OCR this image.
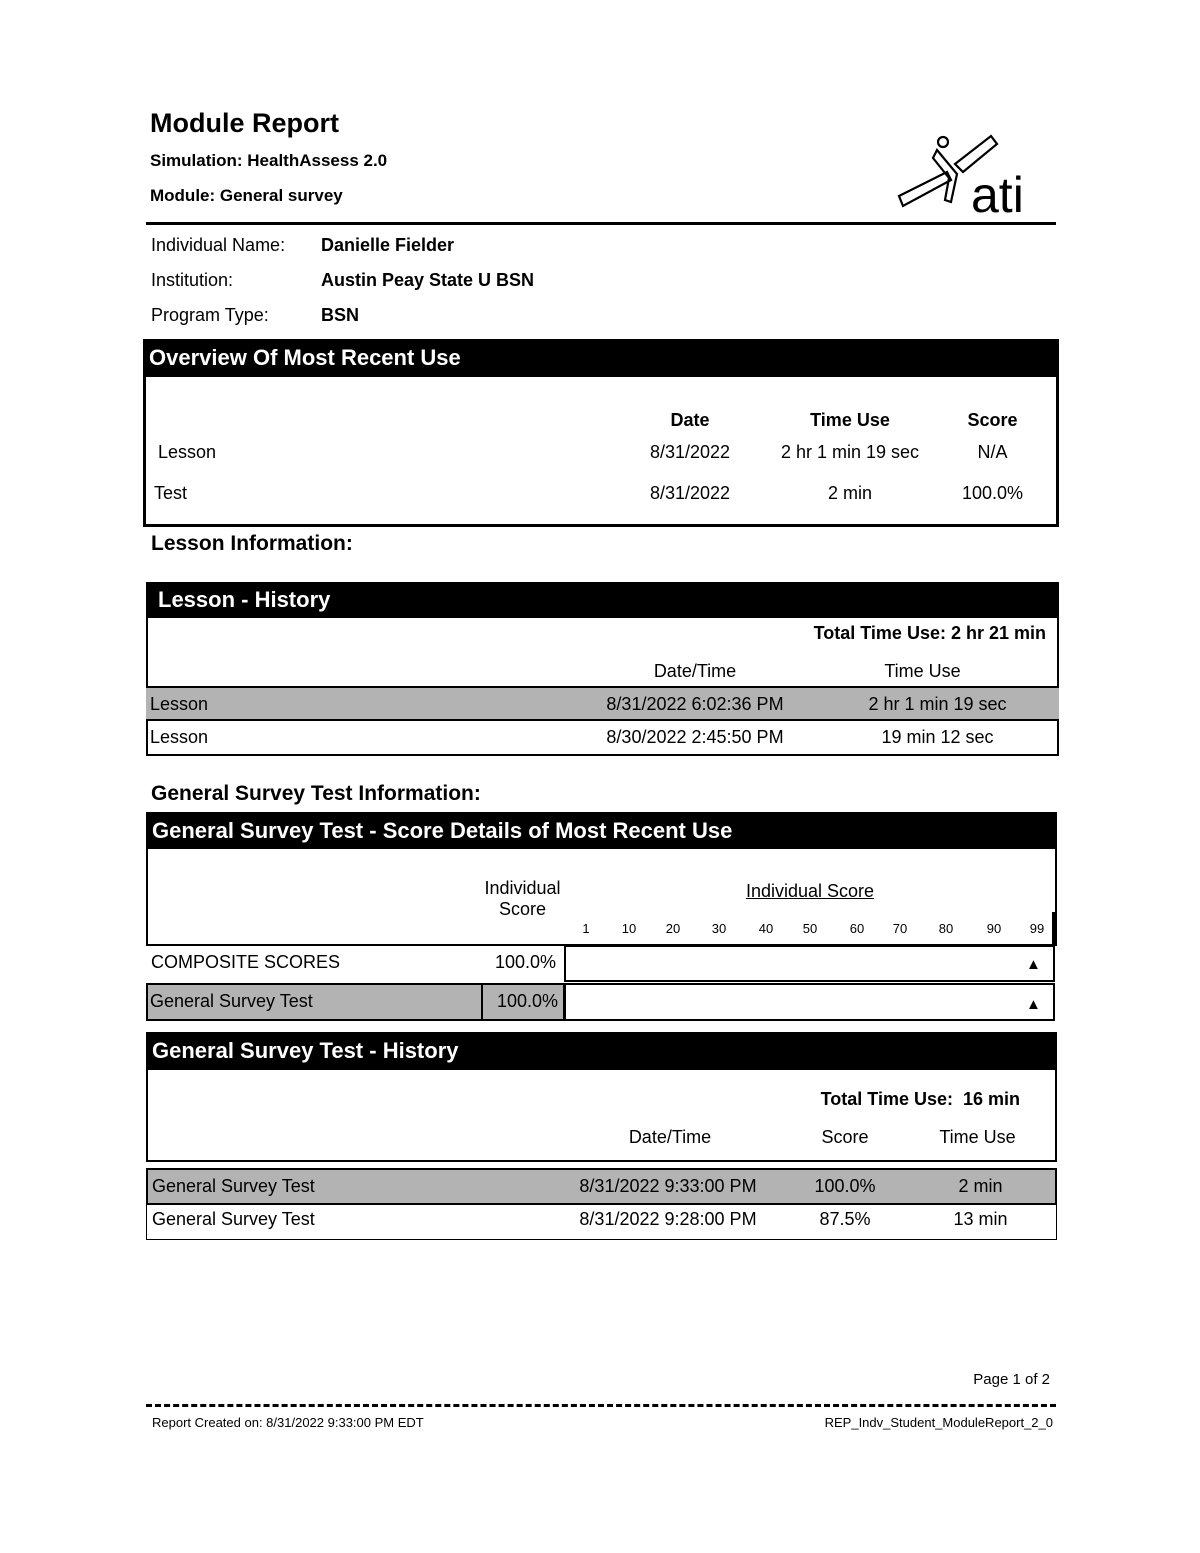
Module Report
Simulation: HealthAssess 2.0
Module: General survey	ati
Individual Name: Danielle Fielder
Institution:	Austin Peay State U BSN
Program Type:	BSN
Overview Of Most Recent Use
Date	Time Use	Score
Lesson	8/31/2022	2 hr 1 min 19 sec	N/A
Test	8/31/2022	2 min	100.0%
Lesson Information:
Lesson - History
Total Time Use: 2 hr 21 min
Date/Time	Time Use
Lesson	8/31/2022 6:02:36 PM	2 hr 1 min 19 sec
Lesson	8/30/2022 2:45:50 PM	19 min 12 sec
General Survey Test Information:
General Survey Test - Score Details of Most Recent Use
Individual
Score
Individual Score
1	10	20	30	40	50	60	70	80	90	99
COMPOSITE SCORES	100.0%	▲
General Survey Test	100.0%	▲
General Survey Test - History
Total Time Use:  16 min
Date/Time	Score	Time Use
General Survey Test	8/31/2022 9:33:00 PM	100.0%	2 min
General Survey Test	8/31/2022 9:28:00 PM	87.5%	13 min
Page 1 of 2
Report Created on: 8/31/2022 9:33:00 PM EDT	REP_Indv_Student_ModuleReport_2_0
